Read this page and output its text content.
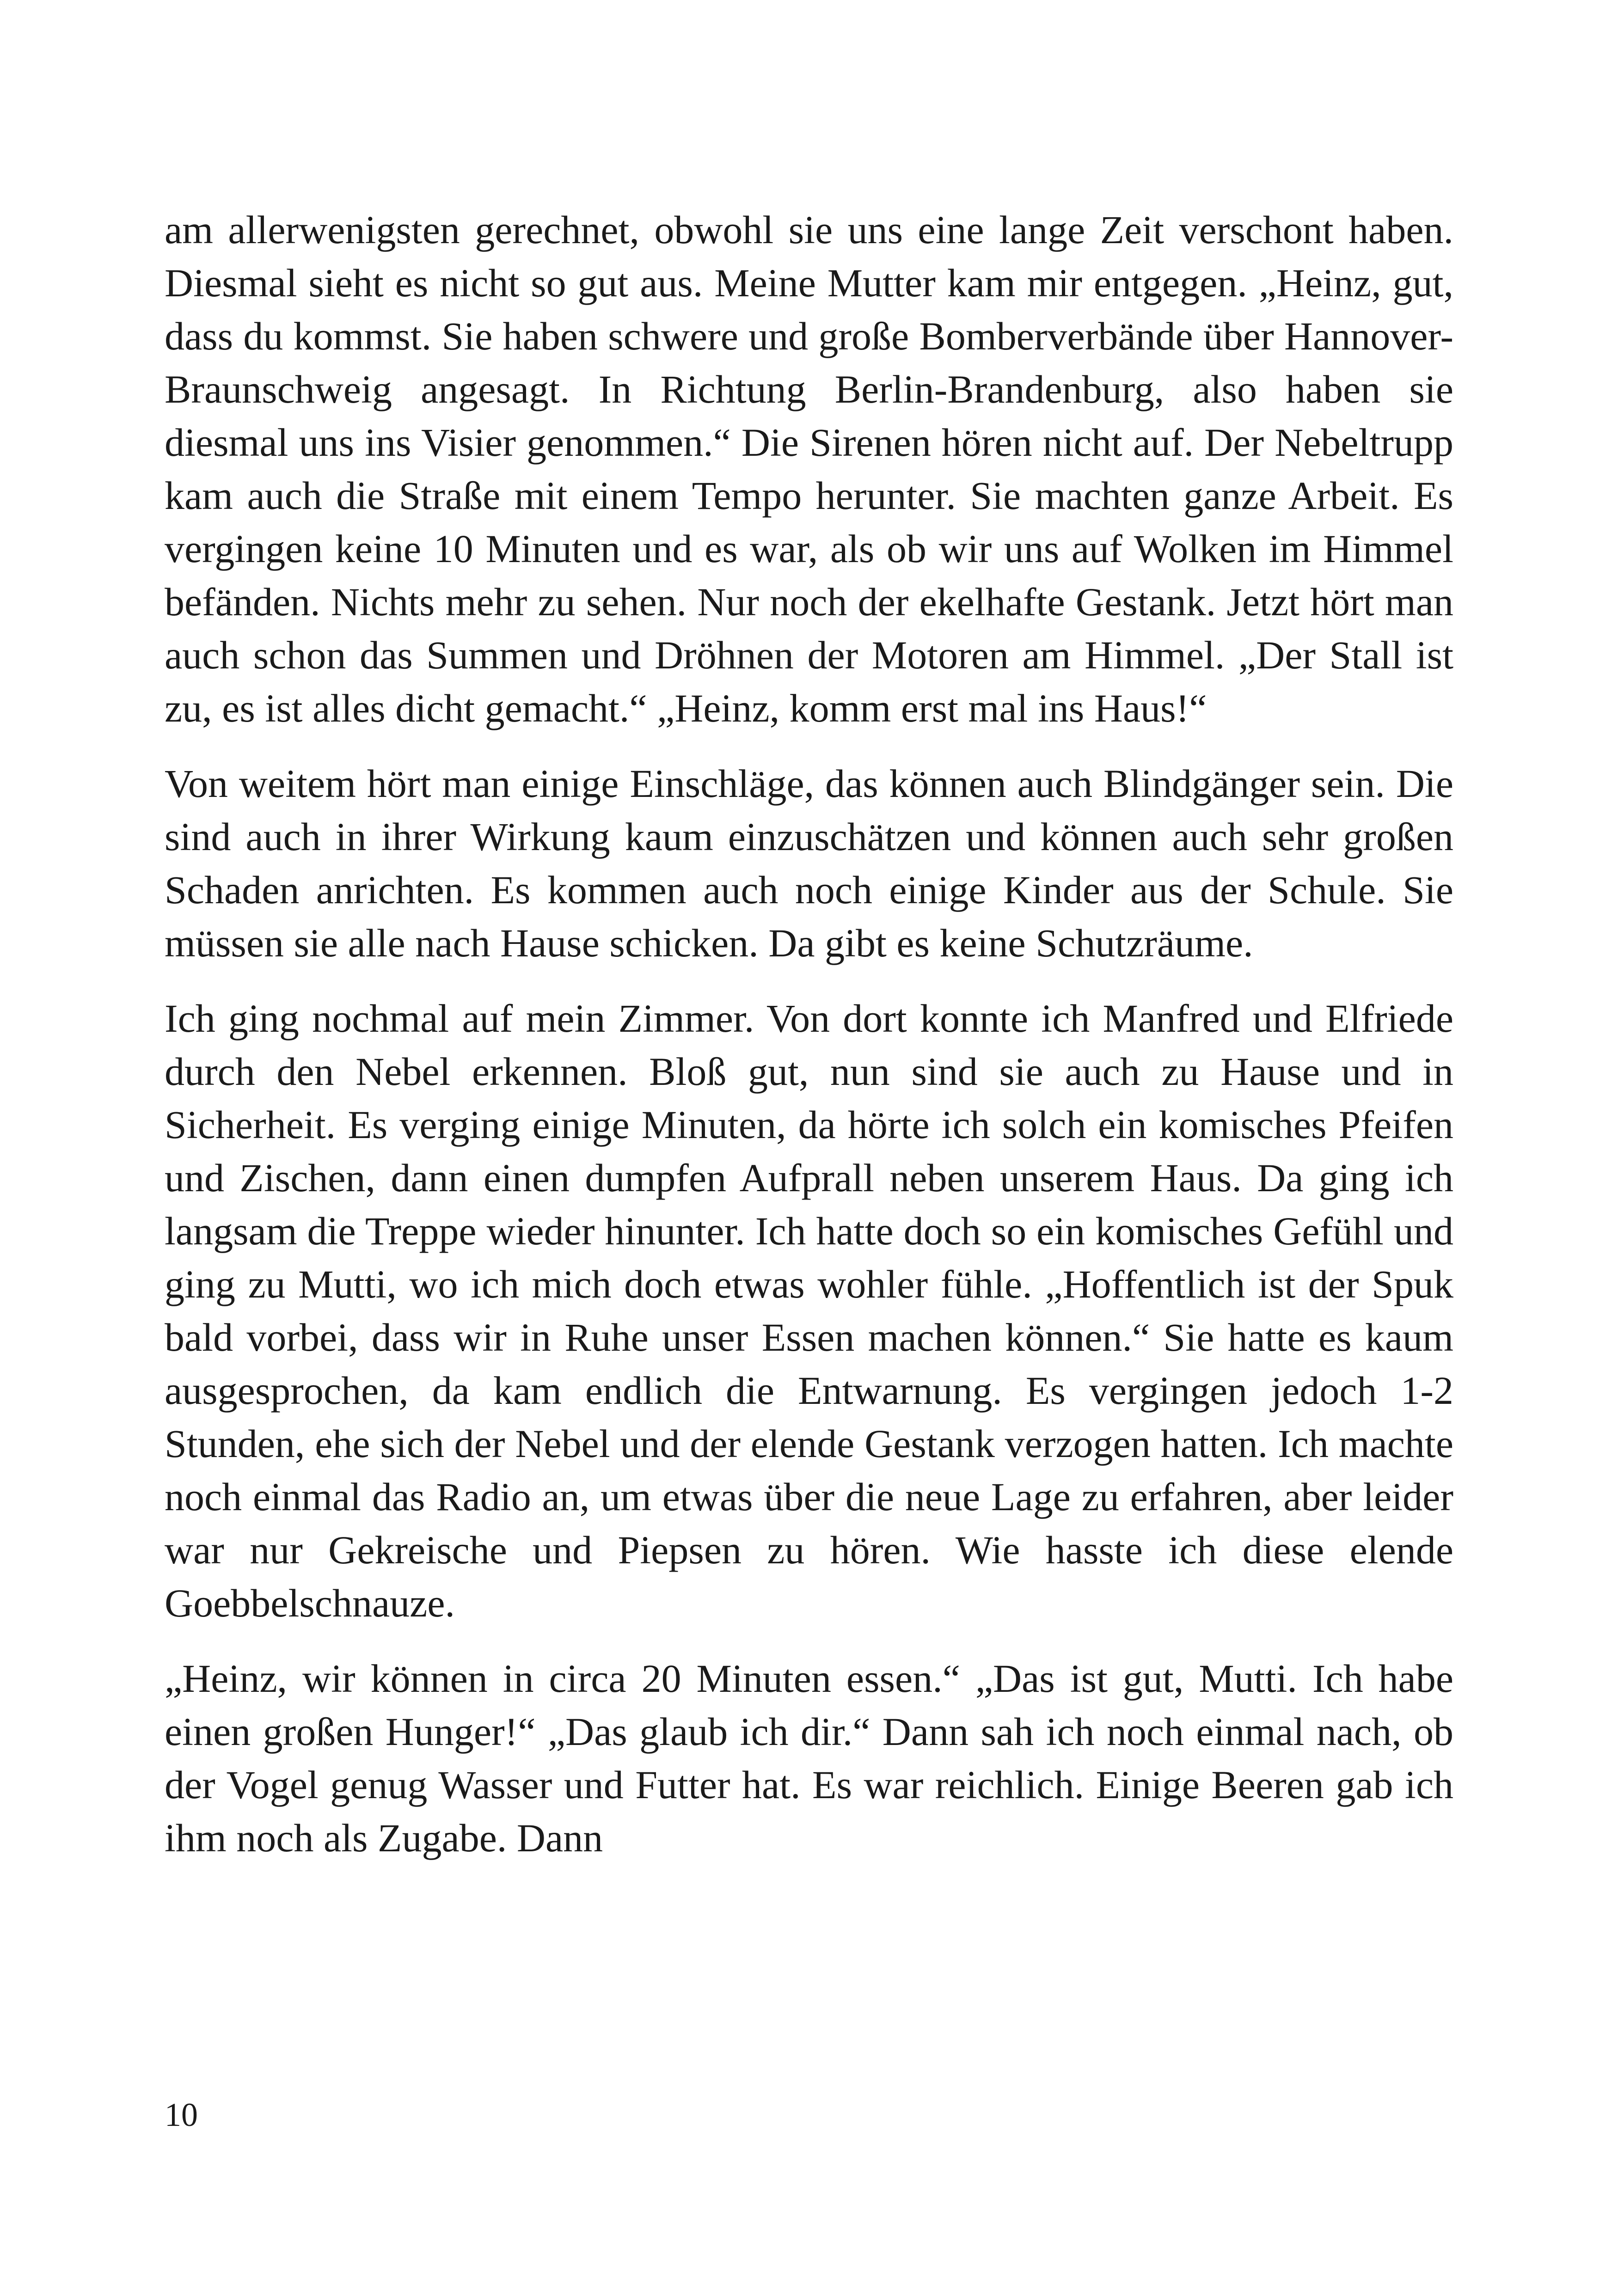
am allerwenigsten gerechnet, obwohl sie uns eine lange Zeit verschont haben. Diesmal sieht es nicht so gut aus. Meine Mutter kam mir entgegen. „Heinz, gut, dass du kommst. Sie haben schwere und große Bomberverbände über Hannover-Braunschweig angesagt. In Richtung Berlin-Brandenburg, also haben sie diesmal uns ins Visier genommen.“ Die Sirenen hören nicht auf. Der Nebeltrupp kam auch die Straße mit einem Tempo herunter. Sie machten ganze Arbeit. Es vergingen keine 10 Minuten und es war, als ob wir uns auf Wolken im Himmel befänden. Nichts mehr zu sehen. Nur noch der ekelhafte Gestank. Jetzt hört man auch schon das Summen und Dröhnen der Motoren am Himmel. „Der Stall ist zu, es ist alles dicht gemacht.“ „Heinz, komm erst mal ins Haus!“

Von weitem hört man einige Einschläge, das können auch Blindgänger sein. Die sind auch in ihrer Wirkung kaum einzuschätzen und können auch sehr großen Schaden anrichten. Es kommen auch noch einige Kinder aus der Schule. Sie müssen sie alle nach Hause schicken. Da gibt es keine Schutzräume.

Ich ging nochmal auf mein Zimmer. Von dort konnte ich Manfred und Elfriede durch den Nebel erkennen. Bloß gut, nun sind sie auch zu Hause und in Sicherheit. Es verging einige Minuten, da hörte ich solch ein komisches Pfeifen und Zischen, dann einen dumpfen Aufprall neben unserem Haus. Da ging ich langsam die Treppe wieder hinunter. Ich hatte doch so ein komisches Gefühl und ging zu Mutti, wo ich mich doch etwas wohler fühle. „Hoffentlich ist der Spuk bald vorbei, dass wir in Ruhe unser Essen machen können.“ Sie hatte es kaum ausgesprochen, da kam endlich die Entwarnung. Es vergingen jedoch 1-2 Stunden, ehe sich der Nebel und der elende Gestank verzogen hatten. Ich machte noch einmal das Radio an, um etwas über die neue Lage zu erfahren, aber leider war nur Gekreische und Piepsen zu hören. Wie hasste ich diese elende Goebbelschnauze.

„Heinz, wir können in circa 20 Minuten essen.“ „Das ist gut, Mutti. Ich habe einen großen Hunger!“ „Das glaub ich dir.“ Dann sah ich noch einmal nach, ob der Vogel genug Wasser und Futter hat. Es war reichlich. Einige Beeren gab ich ihm noch als Zugabe. Dann

10
